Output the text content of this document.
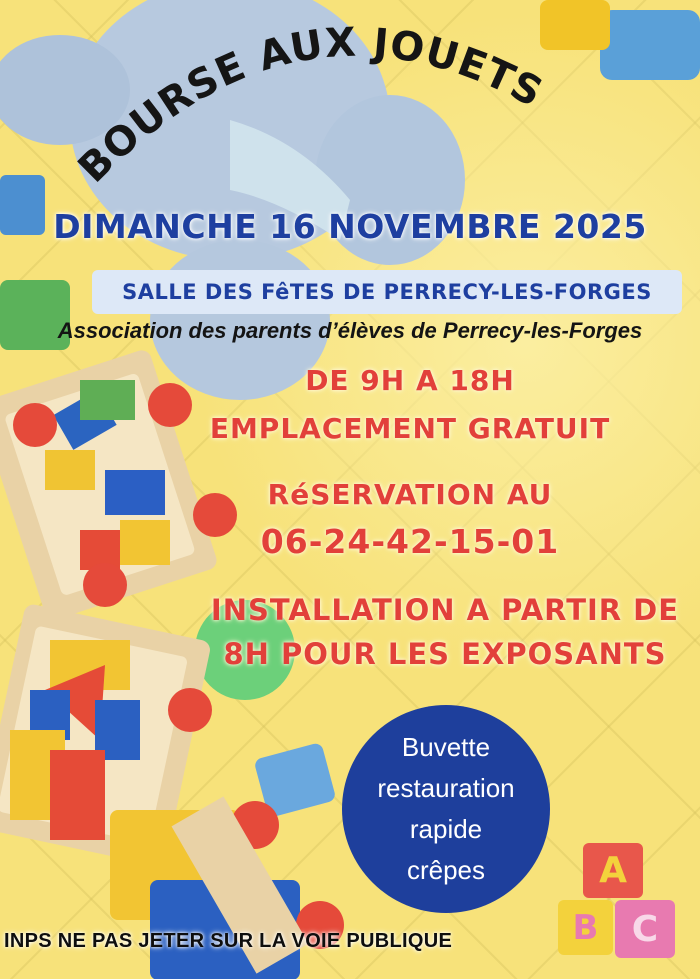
BOURSE AUX JOUETS
DIMANCHE 16 NOVEMBRE 2025
SALLE DES FêTES DE PERRECY-LES-FORGES
Association des parents d’élèves de Perrecy-les-Forges
DE 9H A 18H
EMPLACEMENT GRATUIT
RéSERVATION AU
06-24-42-15-01
INSTALLATION A PARTIR DE
8H POUR LES EXPOSANTS
Buvette
restauration
rapide
crêpes	A
B C
INPS NE PAS JETER SUR LA VOIE PUBLIQUE
